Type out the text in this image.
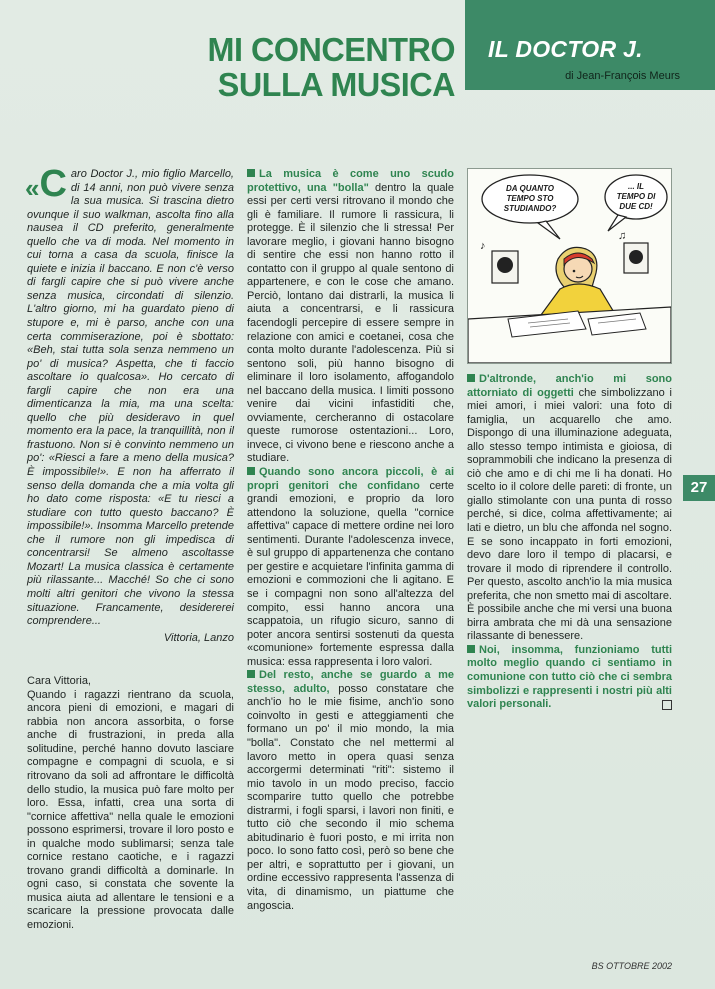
MI CONCENTRO
SULLA MUSICA
IL DOCTOR J.
di Jean-François Meurs

«C aro Doctor J., mio figlio Marcello, di 14 anni, non può vivere senza la sua musica. Si trascina dietro ovunque il suo walkman, ascolta fino alla nausea il CD preferito, generalmente quello che va di moda. Nel momento in cui torna a casa da scuola, finisce la quiete e inizia il baccano. E non c'è verso di fargli capire che si può vivere anche senza musica, circondati di silenzio. L'altro giorno, mi ha guardato pieno di stupore e, mi è parso, anche con una certa commiserazione, poi è sbottato: «Beh, stai tutta sola senza nemmeno un po' di musica? Aspetta, che ti faccio ascoltare io qualcosa». Ho cercato di fargli capire che non era una dimenticanza la mia, ma una scelta: quello che più desideravo in quel momento era la pace, la tranquillità, non il frastuono. Non si è convinto nemmeno un po': «Riesci a fare a meno della musica? È impossibile!». E non ha afferrato il senso della domanda che a mia volta gli ho dato come risposta: «E tu riesci a studiare con tutto questo baccano? È impossibile!». Insomma Marcello pretende che il rumore non gli impedisca di concentrarsi! Se almeno ascoltasse Mozart! La musica classica è certamente più rilassante... Macché! So che ci sono molti altri genitori che vivono la stessa situazione. Francamente, desidererei comprendere...

Vittoria, Lanzo

Cara Vittoria,

Quando i ragazzi rientrano da scuola, ancora pieni di emozioni, e magari di rabbia non ancora assorbita, o forse anche di frustrazioni, in preda alla solitudine, perché hanno dovuto lasciare compagne e compagni di scuola, e si ritrovano da soli ad affrontare le difficoltà dello studio, la musica può fare molto per loro. Essa, infatti, crea una sorta di "cornice affettiva" nella quale le emozioni possono esprimersi, trovare il loro posto e in qualche modo sublimarsi; senza tale cornice restano caotiche, e i ragazzi trovano grandi difficoltà a dominarle. In ogni caso, si constata che sovente la musica aiuta ad allentare le tensioni e a scaricare la pressione provocata dalle emozioni.

La musica è come uno scudo protettivo, una "bolla" dentro la quale essi per certi versi ritrovano il mondo che gli è familiare. Il rumore li rassicura, li protegge. È il silenzio che li stressa! Per lavorare meglio, i giovani hanno bisogno di sentire che essi non hanno rotto il contatto con il gruppo al quale sentono di appartenere, e con le cose che amano. Perciò, lontano dai distrarli, la musica li aiuta a concentrarsi, e li rassicura facendogli percepire di essere sempre in relazione con amici e coetanei, cosa che conta molto durante l'adolescenza. Più si sentono soli, più hanno bisogno di eliminare il loro isolamento, affogandolo nel baccano della musica. I limiti possono venire dai vicini infastiditi che, ovviamente, cercheranno di ostacolare queste rumorose ostentazioni... Loro, invece, ci vivono bene e riescono anche a studiare.

Quando sono ancora piccoli, è ai propri genitori che confidano certe grandi emozioni, e proprio da loro attendono la soluzione, quella "cornice affettiva" capace di mettere ordine nei loro sentimenti. Durante l'adolescenza invece, è sul gruppo di appartenenza che contano per gestire e acquietare l'infinita gamma di emozioni e commozioni che li agitano. E se i compagni non sono all'altezza del compito, essi hanno ancora una scappatoia, un rifugio sicuro, sanno di poter ancora sentirsi sostenuti da questa «comunione» fortemente espressa dalla musica: essa rappresenta i loro valori.

Del resto, anche se guardo a me stesso, adulto, posso constatare che anch'io ho le mie fisime, anch'io sono coinvolto in gesti e atteggiamenti che formano un po' il mio mondo, la mia "bolla". Constato che nel mettermi al lavoro metto in opera quasi senza accorgermi determinati "riti": sistemo il mio tavolo in un modo preciso, faccio scomparire tutto quello che potrebbe distrarmi, i fogli sparsi, i lavori non finiti, e tutto ciò che secondo il mio schema abitudinario è fuori posto, e mi irrita non poco. Io sono fatto così, però so bene che per altri, e soprattutto per i giovani, un ordine eccessivo rappresenta l'assenza di vita, di dinamismo, un piattume che angoscia.

DA QUANTO
TEMPO STO
STUDIANDO?
... IL
TEMPO DI
DUE CD!
♪
♫

D'altronde, anch'io mi sono attorniato di oggetti che simbolizzano i miei amori, i miei valori: una foto di famiglia, un acquarello che amo. Dispongo di una illuminazione adeguata, allo stesso tempo intimista e gioiosa, di soprammobili che indicano la presenza di ciò che amo e di chi me li ha donati. Ho scelto io il colore delle pareti: di fronte, un giallo stimolante con una punta di rosso perché, si dice, colma affettivamente; ai lati e dietro, un blu che affonda nel sogno. E se sono incappato in forti emozioni, devo dare loro il tempo di placarsi, e trovare il modo di riprendere il controllo. Per questo, ascolto anch'io la mia musica preferita, che non smetto mai di ascoltare. È possibile anche che mi versi una buona birra ambrata che mi dà una sensazione rilassante di benessere.

Noi, insomma, funzioniamo tutti molto meglio quando ci sentiamo in comunione con tutto ciò che ci sembra simbolizzi e rappresenti i nostri più alti valori personali.

27
BS OTTOBRE 2002
